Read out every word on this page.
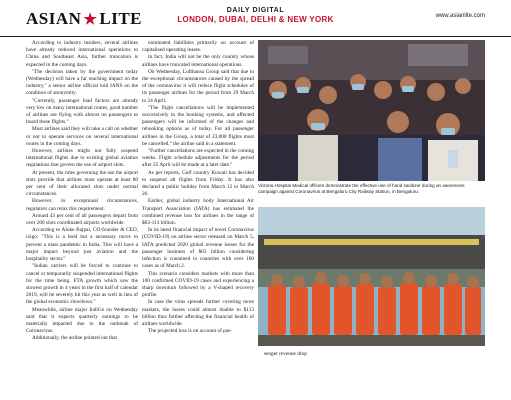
ASIAN ★ LITE	DAILY DIGITAL
LONDON, DUBAI, DELHI & NEW YORK	www.asianlite.com

According to industry insiders, several airlines have already reduced international operations to China and Southeast Asia, further truncation is expected in the coming days.

"The decision taken by the government today (Wednesday) will have a far reaching impact on the industry," a senior airline official told IANS on the condition of anonymity.

"Currently, passenger load factors are already very low on many international routes, good number of airlines are flying with almost no passengers to board these flights."

Most airlines said they will take a call on whether or not to operate services on several international routes in the coming days.

However, airlines might not fully suspend international flights due to existing global aviation regulations that govern the use of airport slots.

At present, the rules governing the use the airport slots provide that airlines must operate at least 80 per cent of their allocated slots under normal circumstances.

However, in exceptional circumstances, regulators can relax this requirement.

Around 43 per cent of all passengers depart from over 200 slots coordinated airports worldwide.

According to Aloke Bajpai, CO-founder & CEO, ixigo: "This is a bold but a necessary move to prevent a mass pandemic in India. This will have a major impact beyond just aviation and the hospitality sector."

"Indian carriers will be forced to continue to cancel or temporarily suspended international flights for the time being. FTA growth which saw the slowest growth in 4 years in the first half of calendar 2019, will be severely hit this year as well in lieu of the global economic slowdown."

Meanwhile, airline major IndiGo on Wednesday said that it expects quarterly earnings to be materially impacted due to the outbreak of Coronavirus.

Additionally, the airline pointed out that

nominated liabilities primarily on account of capitalised operating leases.

In fact, India will not be the only country whose airlines have truncated international operations.

On Wednesday, Lufthansa Group said that due to the exceptional circumstances caused by the spread of the coronavirus it will reduce flight schedules of its passenger airlines for the period from 29 March to 24 April.

"The flight cancellations will be implemented successively in the booking systems, and affected passengers will be informed of the changes and rebooking options as of today. For all passenger airlines in the Group, a total of 23,000 flights must be cancelled," the airline said in a statement.

"Further cancellations are expected in the coming weeks. Flight schedule adjustments for the period after 25 April will be made at a later date."

As per reports, Gulf country Kuwait has decided to suspend all flights from Friday. It has also declared a public holiday from March 12 to March 26.

Earlier, global industry body International Air Transport Association (IATA) has estimated the combined revenue loss for airlines in the range of $63-113 billion.

In its latest financial impact of novel Coronavirus (COVID-19) on airline sector released on March 5, IATA predicted 2020 global revenue losses for the passenger business of $63 billion considering infection is contained in countries with over 100 cases as of March 2.

This scenario considers markets with more than 100 confirmed COVID-19 cases and experiencing a sharp downturn followed by a V-shaped recovery profile.

In case the virus spreads further covering more markets, the losses could almost double to $113 billion thus further affecting the financial health of airlines worldwide.

The projected loss is on account of pas-

Victoria Hospital Medical officers demonstrate the effective use of hand sanitizer during an awareness campaign against Coronavirus at Bengaluru City Railway Station, in Bengaluru.

senger revenue drop
